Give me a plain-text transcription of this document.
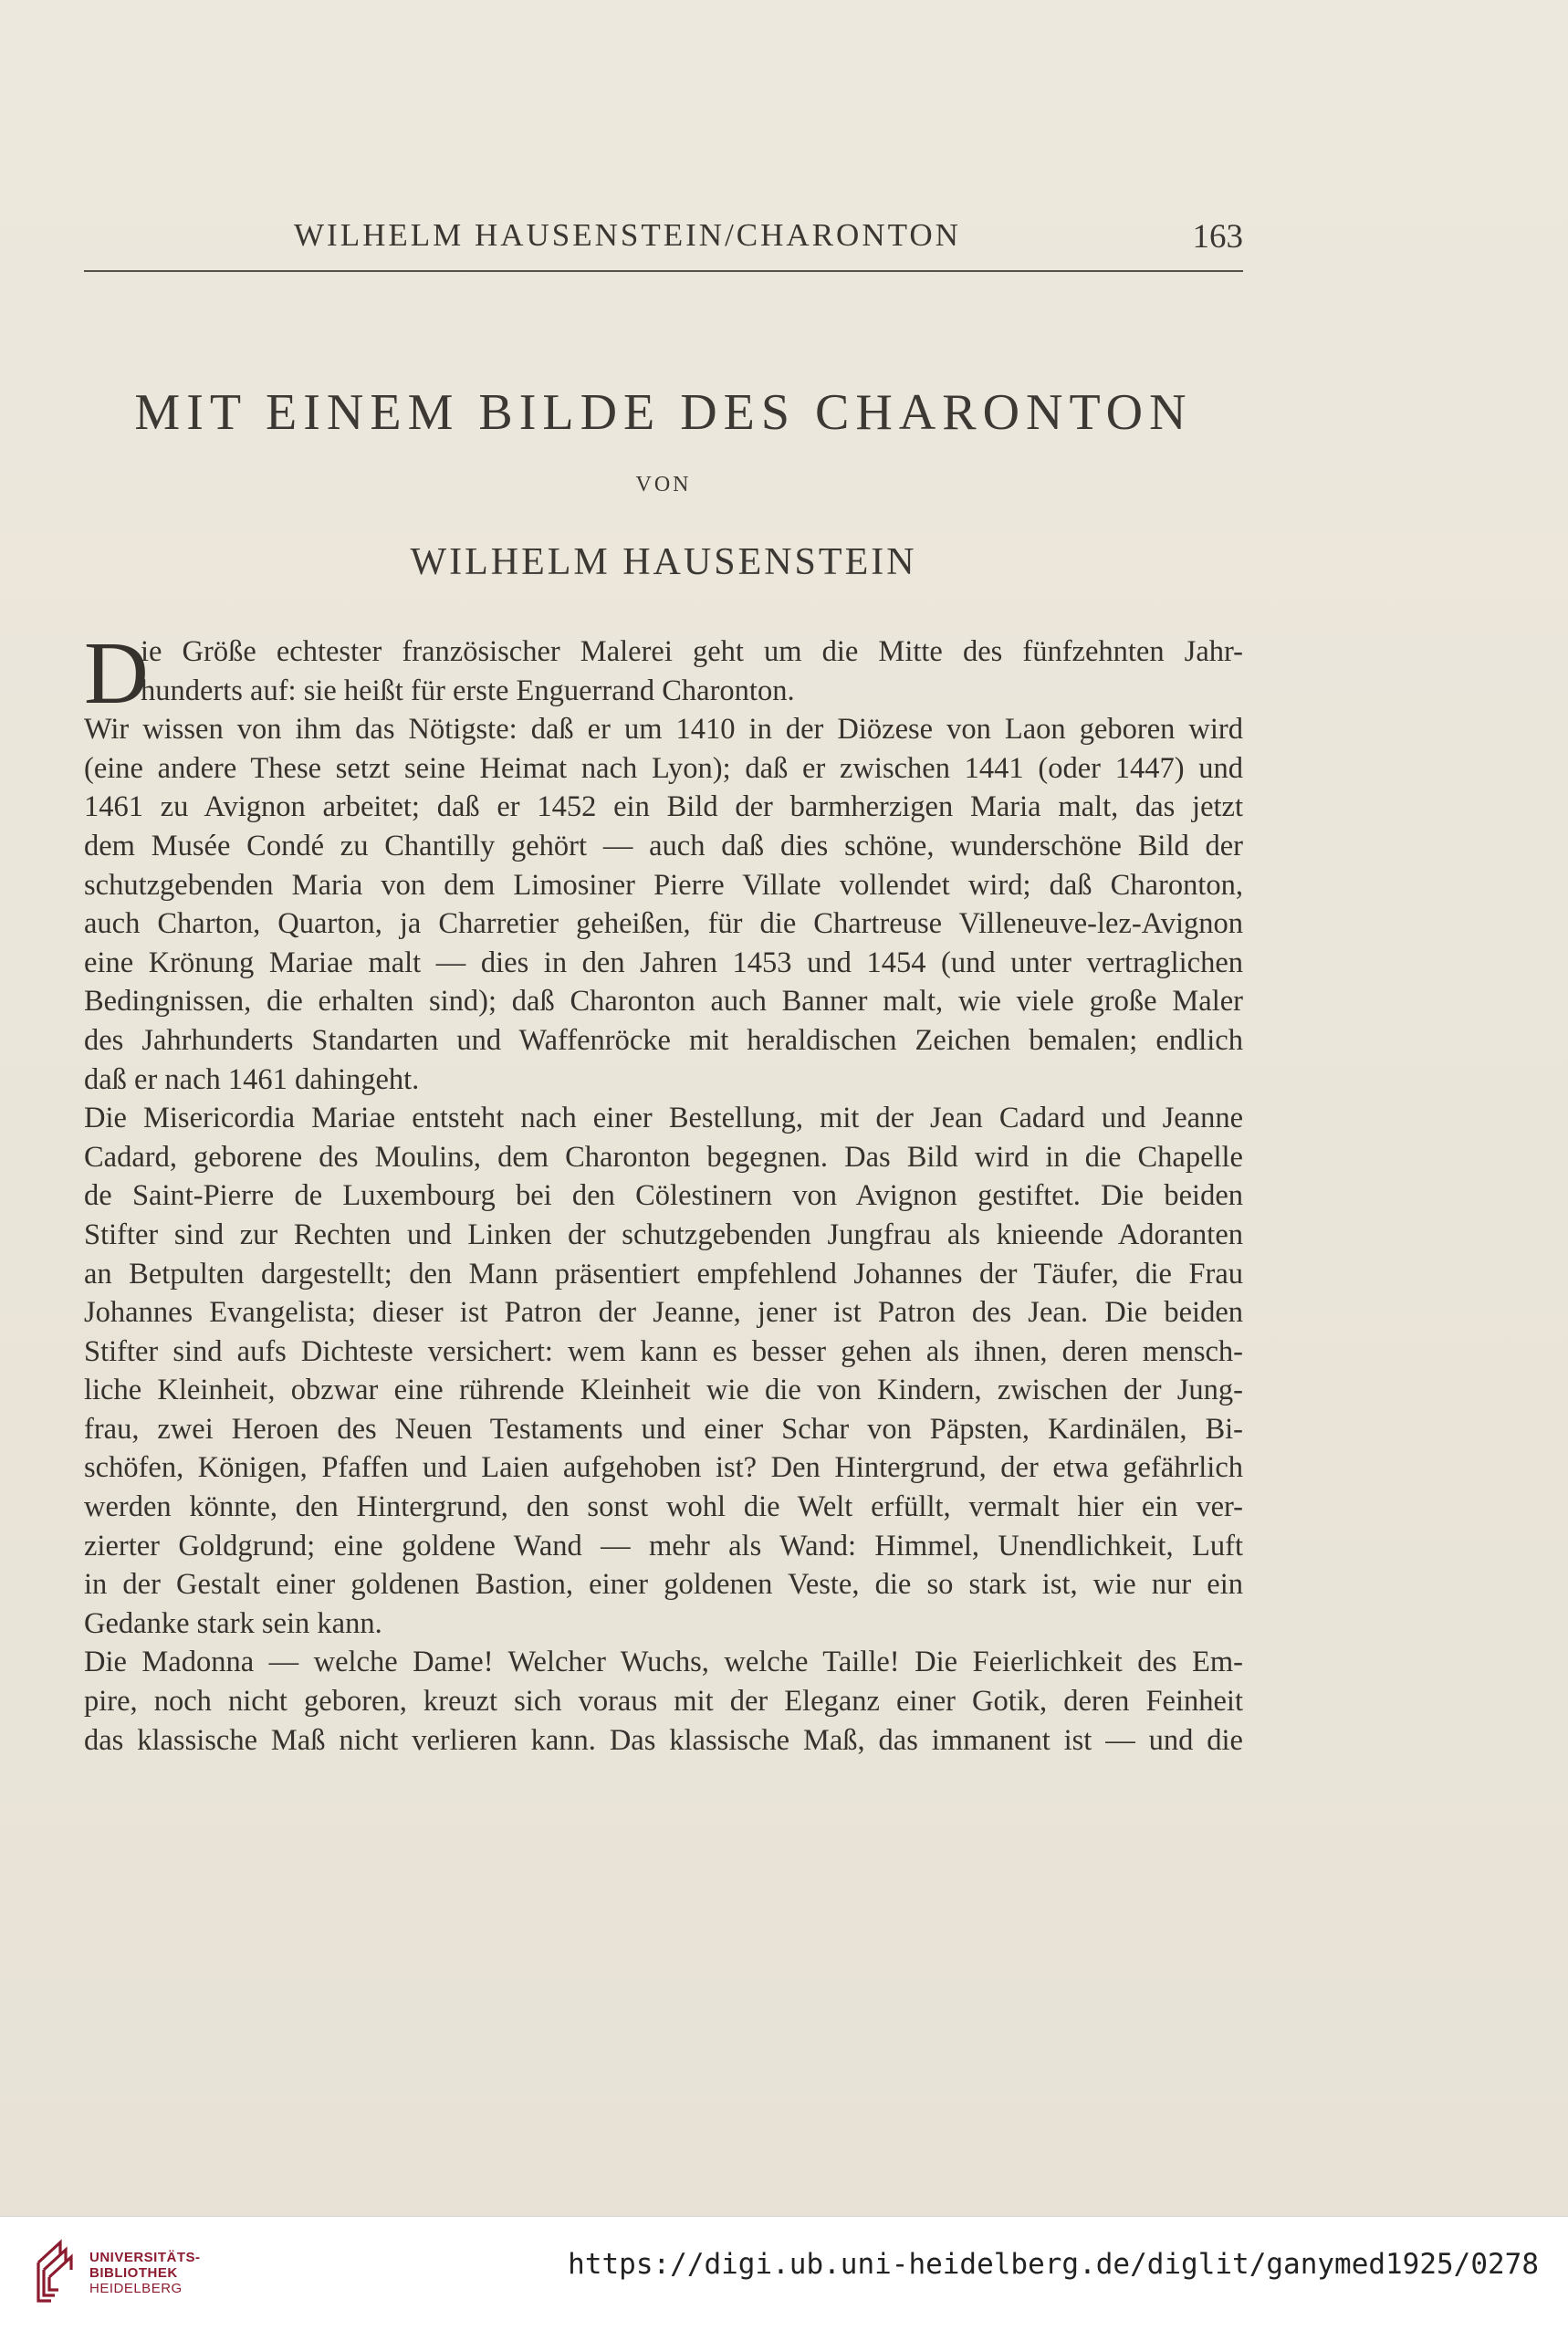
WILHELM HAUSENSTEIN/CHARONTON	163
MIT EINEM BILDE DES CHARONTON
VON
WILHELM HAUSENSTEIN
D
ie Größe echtester französischer Malerei geht um die Mitte des fünfzehnten Jahr-
hunderts auf: sie heißt für erste Enguerrand Charonton.
Wir wissen von ihm das Nötigste: daß er um 1410 in der Diözese von Laon geboren wird
(eine andere These setzt seine Heimat nach Lyon); daß er zwischen 1441 (oder 1447) und
1461 zu Avignon arbeitet; daß er 1452 ein Bild der barmherzigen Maria malt, das jetzt
dem Musée Condé zu Chantilly gehört — auch daß dies schöne, wunderschöne Bild der
schutzgebenden Maria von dem Limosiner Pierre Villate vollendet wird; daß Charonton,
auch Charton, Quarton, ja Charretier geheißen, für die Chartreuse Villeneuve-lez-Avignon
eine Krönung Mariae malt — dies in den Jahren 1453 und 1454 (und unter vertraglichen
Bedingnissen, die erhalten sind); daß Charonton auch Banner malt, wie viele große Maler
des Jahrhunderts Standarten und Waffenröcke mit heraldischen Zeichen bemalen; endlich
daß er nach 1461 dahingeht.
Die Misericordia Mariae entsteht nach einer Bestellung, mit der Jean Cadard und Jeanne
Cadard, geborene des Moulins, dem Charonton begegnen. Das Bild wird in die Chapelle
de Saint-Pierre de Luxembourg bei den Cölestinern von Avignon gestiftet. Die beiden
Stifter sind zur Rechten und Linken der schutzgebenden Jungfrau als knieende Adoranten
an Betpulten dargestellt; den Mann präsentiert empfehlend Johannes der Täufer, die Frau
Johannes Evangelista; dieser ist Patron der Jeanne, jener ist Patron des Jean. Die beiden
Stifter sind aufs Dichteste versichert: wem kann es besser gehen als ihnen, deren mensch-
liche Kleinheit, obzwar eine rührende Kleinheit wie die von Kindern, zwischen der Jung-
frau, zwei Heroen des Neuen Testaments und einer Schar von Päpsten, Kardinälen, Bi-
schöfen, Königen, Pfaffen und Laien aufgehoben ist? Den Hintergrund, der etwa gefährlich
werden könnte, den Hintergrund, den sonst wohl die Welt erfüllt, vermalt hier ein ver-
zierter Goldgrund; eine goldene Wand — mehr als Wand: Himmel, Unendlichkeit, Luft
in der Gestalt einer goldenen Bastion, einer goldenen Veste, die so stark ist, wie nur ein
Gedanke stark sein kann.
Die Madonna — welche Dame! Welcher Wuchs, welche Taille! Die Feierlichkeit des Em-
pire, noch nicht geboren, kreuzt sich voraus mit der Eleganz einer Gotik, deren Feinheit
das klassische Maß nicht verlieren kann. Das klassische Maß, das immanent ist — und die
UNIVERSITÄTS-
BIBLIOTHEK
HEIDELBERG
https://digi.ub.uni-heidelberg.de/diglit/ganymed1925/0278
